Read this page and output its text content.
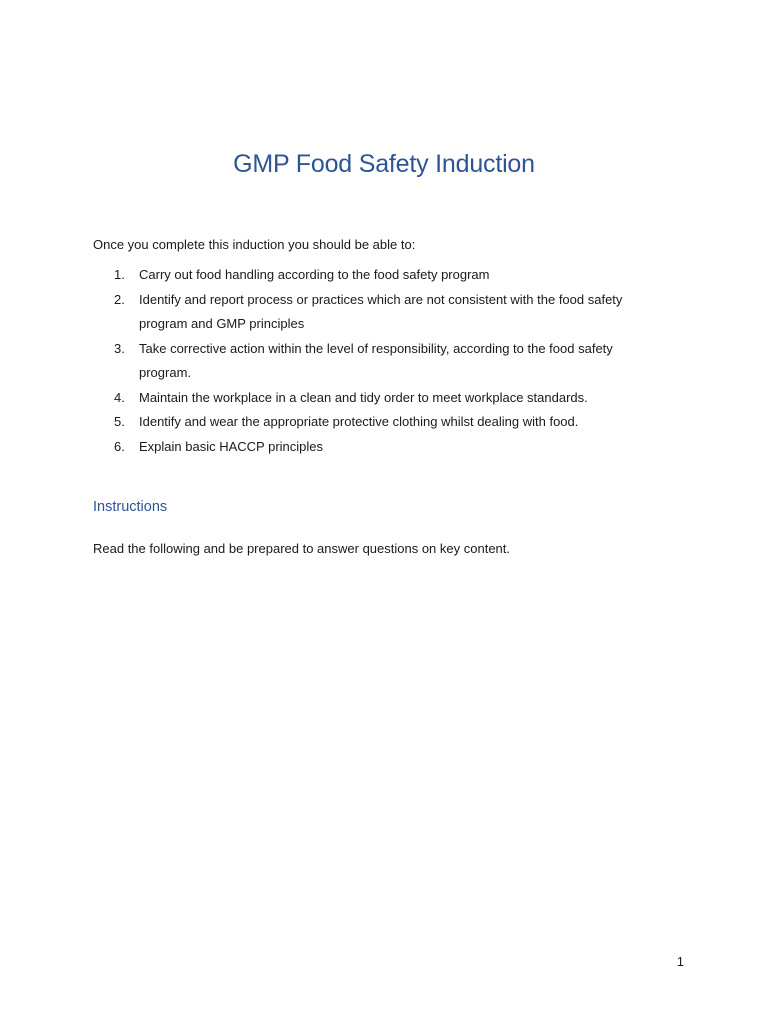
GMP Food Safety Induction

Once you complete this induction you should be able to:

1.	Carry out food handling according to the food safety program
2.	Identify and report process or practices which are not consistent with the food safety program and GMP principles
3.	Take corrective action within the level of responsibility, according to the food safety program.
4.	Maintain the workplace in a clean and tidy order to meet workplace standards.
5.	Identify and wear the appropriate protective clothing whilst dealing with food.
6.	Explain basic HACCP principles
Instructions

Read the following and be prepared to answer questions on key content.

1
